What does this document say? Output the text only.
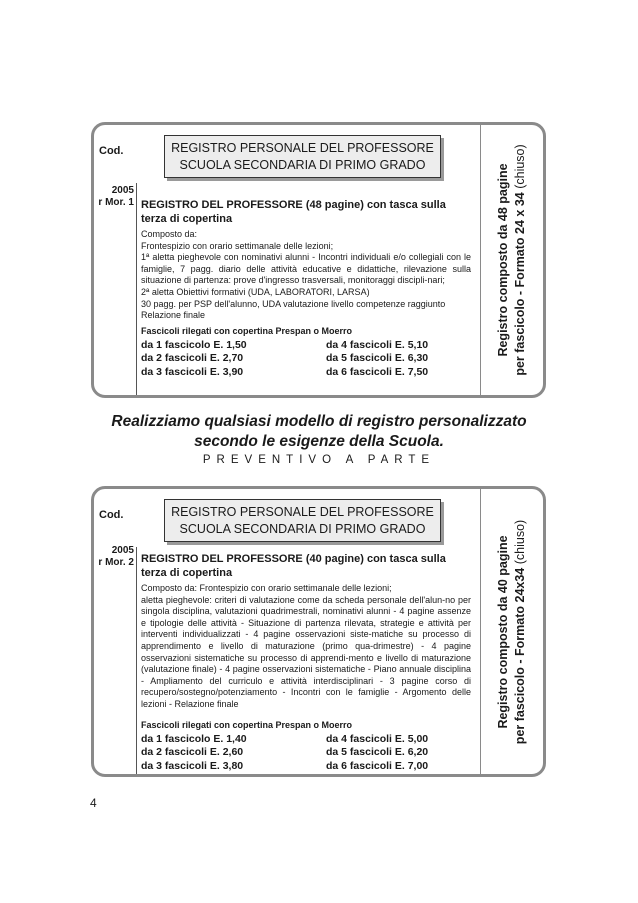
Cod.	REGISTRO PERSONALE DEL PROFESSORE
SCUOLA SECONDARIA DI PRIMO GRADO
2005
r Mor. 1 REGISTRO DEL PROFESSORE (48 pagine) con tasca sulla terza di copertina
Composto da:
Frontespizio con orario settimanale delle lezioni;
1ª aletta pieghevole con nominativi alunni - Incontri individuali e/o collegiali con le famiglie, 7 pagg. diario delle attività educative e didattiche, rilevazione sulla situazione di partenza: prove d'ingresso trasversali, monitoraggi discipli-nari;
2ª aletta Obiettivi formativi (UDA, LABORATORI, LARSA)
30 pagg. per PSP dell'alunno, UDA valutazione livello competenze raggiunto
Relazione finale
Fascicoli rilegati con copertina Prespan o Moerro
da 1 fascicolo E. 1,50	da 4 fascicoli E. 5,10
da 2 fascicoli E. 2,70	da 5 fascicoli E. 6,30
da 3 fascicoli E. 3,90	da 6 fascicoli E. 7,50
Registro composto da 48 pagine per fascicolo - Formato 24 x 34 (chiuso)
Realizziamo qualsiasi modello di registro personalizzato
secondo le esigenze della Scuola.
PREVENTIVO A PARTE
Cod.	REGISTRO PERSONALE DEL PROFESSORE
SCUOLA SECONDARIA DI PRIMO GRADO
2005
r Mor. 2 REGISTRO DEL PROFESSORE (40 pagine) con tasca sulla terza di copertina
Composto da: Frontespizio con orario settimanale delle lezioni;
aletta pieghevole: criteri di valutazione come da scheda personale dell'alun-no per singola disciplina, valutazioni quadrimestrali, nominativi alunni - 4 pagine assenze e tipologie delle attività - Situazione di partenza rilevata, strategie e attività per interventi individualizzati - 4 pagine osservazioni siste-matiche su processo di apprendimento e livello di maturazione (primo qua-drimestre) - 4 pagine osservazioni sistematiche su processo di apprendi-mento e livello di maturazione (valutazione finale) - 4 pagine osservazioni sistematiche - Piano annuale disciplina - Ampliamento del curriculo e attività interdisciplinari - 3 pagine corso di recupero/sostegno/potenziamento - Incontri con le famiglie - Argomento delle lezioni - Relazione finale
Fascicoli rilegati con copertina Prespan o Moerro
da 1 fascicolo E. 1,40	da 4 fascicoli E. 5,00
da 2 fascicoli E. 2,60	da 5 fascicoli E. 6,20
da 3 fascicoli E. 3,80	da 6 fascicoli E. 7,00
Registro composto da 40 pagine per fascicolo - Formato 24x34 (chiuso)
4
